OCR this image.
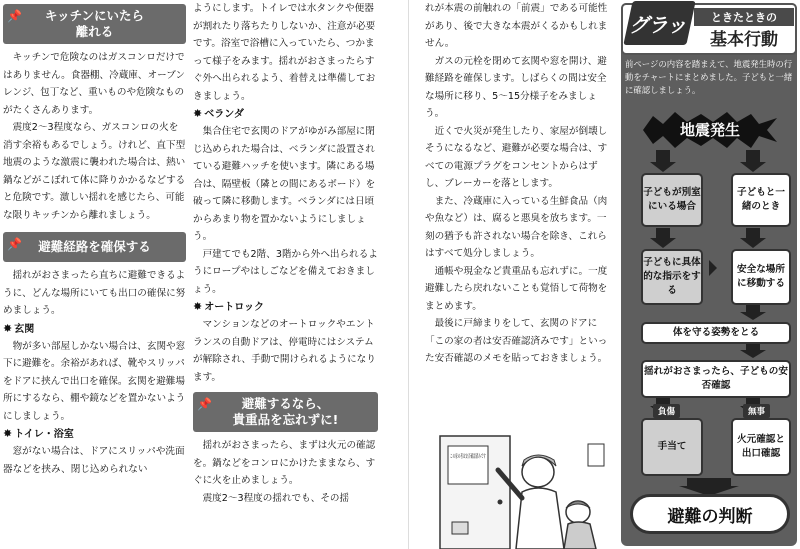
📌 キッチンにいたら
離れる

キッチンで危険なのはガスコンロだけではありません。食器棚、冷蔵庫、オーブンレンジ、包丁など、重いものや危険なものがたくさんあります。

震度2～3程度なら、ガスコンロの火を消す余裕もあるでしょう。けれど、直下型地震のような激震に襲われた場合は、熱い鍋などがこぼれて体に降りかかるなどすると危険です。激しい揺れを感じたら、可能な限りキッチンから離れましょう。

📌 避難経路を確保する

揺れがおさまったら直ちに避難できるように、どんな場所にいても出口の確保に努めましょう。

✸ 玄関

物が多い部屋しかない場合は、玄関や窓下に避難を。余裕があれば、靴やスリッパをドアに挟んで出口を確保。玄関を避難場所にするなら、棚や鏡などを置かないようにしましょう。

✸ トイレ・浴室

窓がない場合は、ドアにスリッパや洗面器などを挟み、閉じ込められない

ようにします。トイレでは水タンクや便器が割れたり落ちたりしないか、注意が必要です。浴室で浴槽に入っていたら、つかまって様子をみます。揺れがおさまったらすぐ外へ出られるよう、着替えは準備しておきましょう。

✸ ベランダ

集合住宅で玄関のドアがゆがみ部屋に閉じ込められた場合は、ベランダに設置されている避難ハッチを使います。隣にある場合は、隔壁板（隣との間にあるボード）を破って隣に移動します。ベランダには日頃からあまり物を置かないようにしましょう。

戸建てでも2階、3階から外へ出られるようにロープやはしごなどを備えておきましょう。

✸ オートロック

マンションなどのオートロックやエントランスの自動ドアは、停電時にはシステムが解除され、手動で開けられるようになります。

📌 避難するなら、
貴重品を忘れずに!

揺れがおさまったら、まずは火元の確認を。鍋などをコンロにかけたままなら、すぐに火を止めましょう。

震度2～3程度の揺れでも、その揺

れが本震の前触れの「前震」である可能性があり、後で大きな本震がくるかもしれません。

ガスの元栓を閉めて玄関や窓を開け、避難経路を確保します。しばらくの間は安全な場所に移り、5～15分様子をみましょう。

近くで火災が発生したり、家屋が倒壊しそうになるなど、避難が必要な場合は、すべての電源プラグをコンセントからはずし、ブレーカーを落とします。

また、冷蔵庫に入っている生鮮食品（肉や魚など）は、腐ると悪臭を放ちます。一刻の猶予も許されない場合を除き、これらはすべて処分しましょう。

通帳や現金など貴重品も忘れずに。一度避難したら戻れないことも覚悟して荷物をまとめます。

最後に戸締まりをして、玄関のドアに「この家の者は安否確認済みです」といった安否確認のメモを貼っておきましょう。

グラッ	ときたときの
基本行動
前ページの内容を踏まえて、地震発生時の行動をチャートにまとめました。子どもと一緒に確認しましょう。
地震発生
子どもが別室にいる場合
子どもと一緒のとき
子どもに具体的な指示をする
安全な場所に移動する
体を守る姿勢をとる
揺れがおさまったら、子どもの安否確認
負傷	無事
手当て
火元確認と出口確認
避難の判断
